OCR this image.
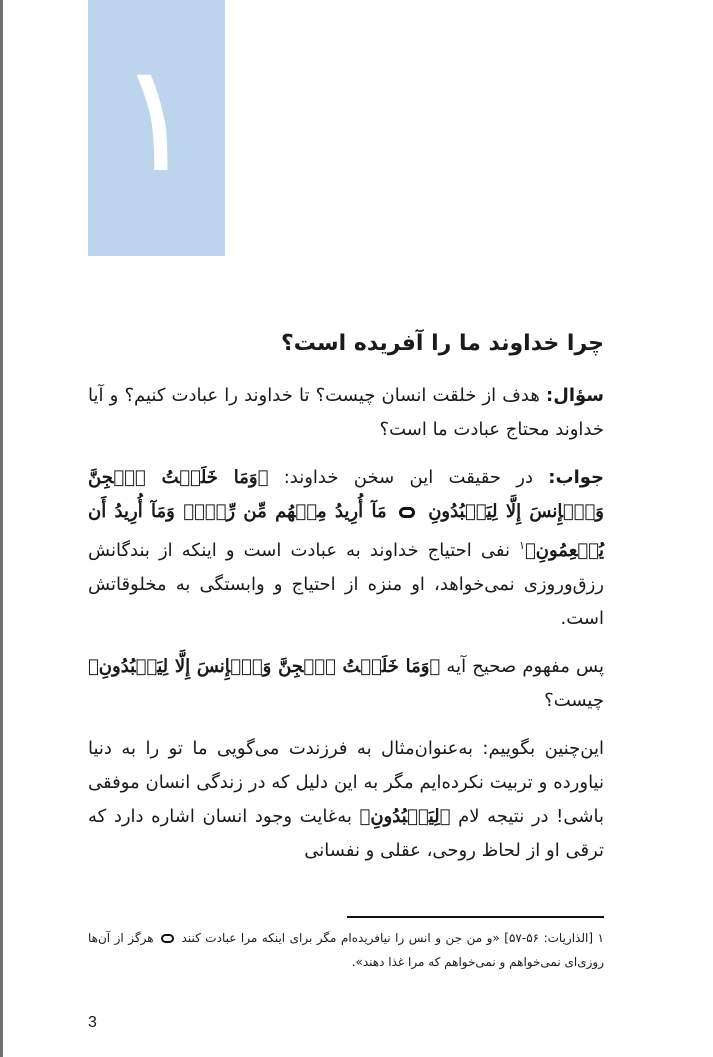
١
چرا خداوند ما را آفریده است؟

سؤال: هدف از خلقت انسان چیست؟ تا خداوند را عبادت کنیم؟ و آیا خداوند محتاج عبادت ما است؟

جواب: در حقیقت این سخن خداوند: ﴿وَمَا خَلَقۡتُ ٱلۡجِنَّ وَٱلۡإِنسَ إِلَّا لِيَعۡبُدُونِ  مَآ أُرِيدُ مِنۡهُم مِّن رِّزۡقٖ وَمَآ أُرِيدُ أَن يُطۡعِمُونِ﴾$^١$ نفی احتیاج خداوند به عبادت است و اینکه از بندگانش رزق‌وروزی نمی‌خواهد، او منزه از احتیاج و وابستگی به مخلوقاتش است.

پس مفهوم صحیح آیه ﴿وَمَا خَلَقۡتُ ٱلۡجِنَّ وَٱلۡإِنسَ إِلَّا لِيَعۡبُدُونِ﴾ چیست؟

این‌چنین بگوییم: به‌عنوان‌مثال به فرزندت می‌گویی ما تو را به دنیا نیاورده و تربیت نکرده‌ایم مگر به این دلیل که در زندگی انسان موفقی باشی! در نتیجه لام ﴿لِيَعۡبُدُونِ﴾ به‌غایت وجود انسان اشاره دارد که ترقی او از لحاظ روحی، عقلی و نفسانی

١ [الذاریات: ۵۶-۵۷] «و من جن و انس را نیافریده‌ام مگر برای اینکه مرا عبادت کنند  هرگز از آن‌ها روزی‌ای نمی‌خواهم و نمی‌خواهم که مرا غذا دهند».
3
